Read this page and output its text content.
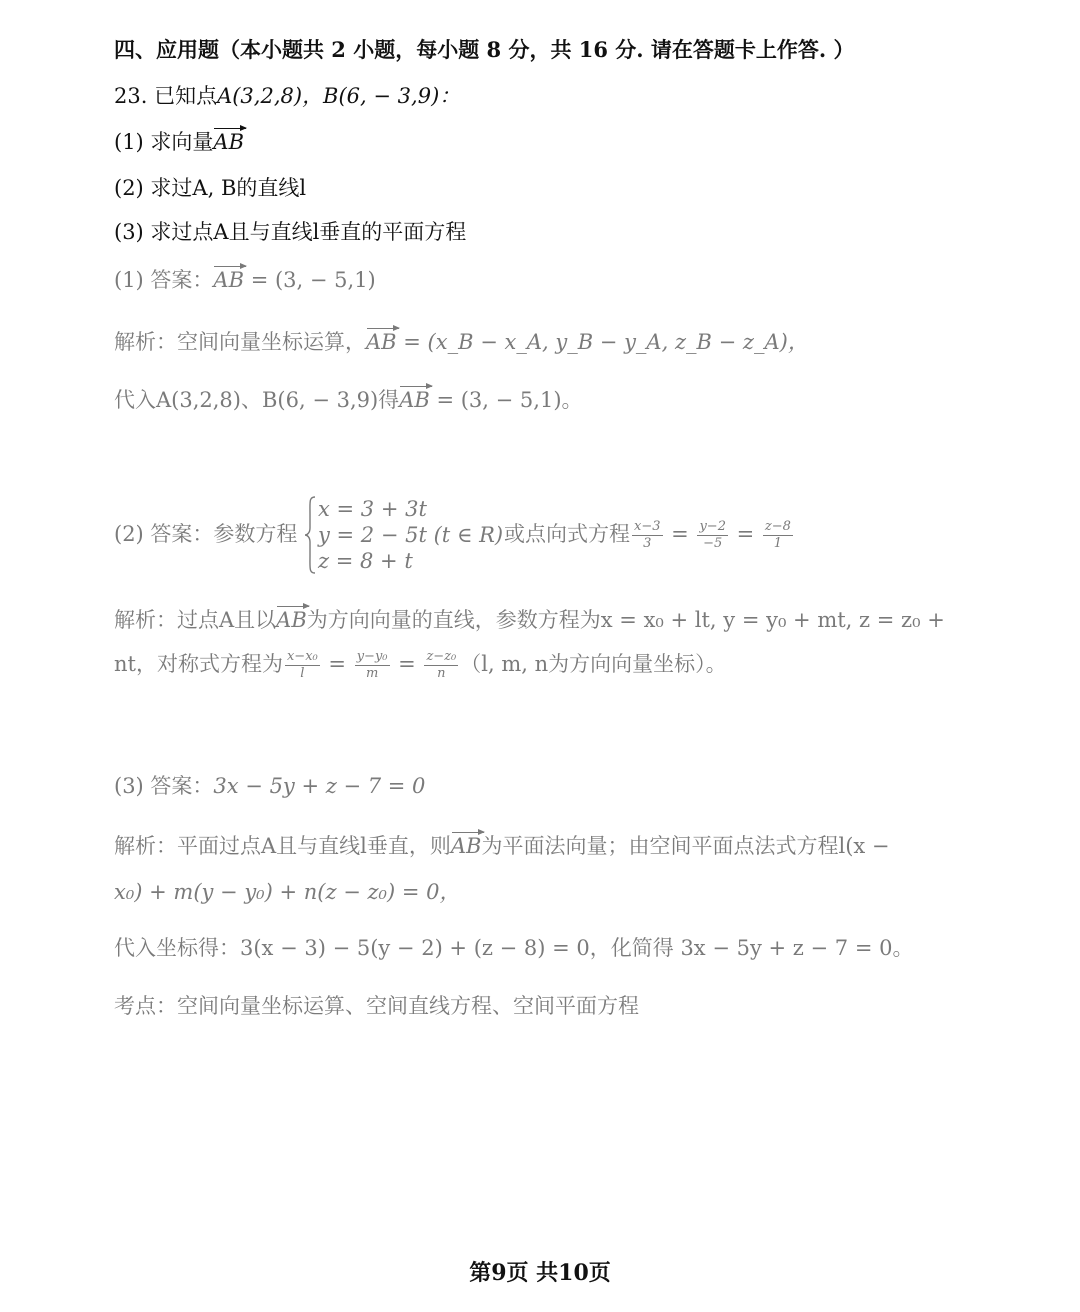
四、应用题（本小题共 2 小题，每小题 8 分，共 16 分. 请在答题卡上作答. ）
23. 已知点A(3,2,8)，B(6, − 3,9)：
(1) 求向量AB
(2) 求过A, B的直线l
(3) 求过点A且与直线l垂直的平面方程
(1) 答案：AB = (3, − 5,1)
解析：空间向量坐标运算，AB = (x_B − x_A, y_B − y_A, z_B − z_A)，
代入A(3,2,8)、B(6, − 3,9)得AB = (3, − 5,1)。
(2) 答案：参数方程
x = 3 + 3t
y = 2 − 5t (t ∈ R)
z = 8 + t
或点向式方程 $\frac{x-3}{3} = \frac{y-2}{-5} = \frac{z-8}{1}$
解析：过点A且以AB为方向向量的直线，参数方程为x = x₀ + lt, y = y₀ + mt, z = z₀ +
nt，对称式方程为 $\frac{\text{x−x₀}}{l} = \frac{\text{y−y₀}}{m} = \frac{\text{z−z₀}}{n} (l$, m, n为方向向量坐标）。
(3) 答案：3x − 5y + z − 7 = 0
解析：平面过点A且与直线l垂直，则AB为平面法向量；由空间平面点法式方程l(x −
x₀) + m(y − y₀) + n(z − z₀) = 0，
代入坐标得：3(x − 3) − 5(y − 2) + (z − 8) = 0，化简得 3x − 5y + z − 7 = 0。
考点：空间向量坐标运算、空间直线方程、空间平面方程
第9页 共10页
